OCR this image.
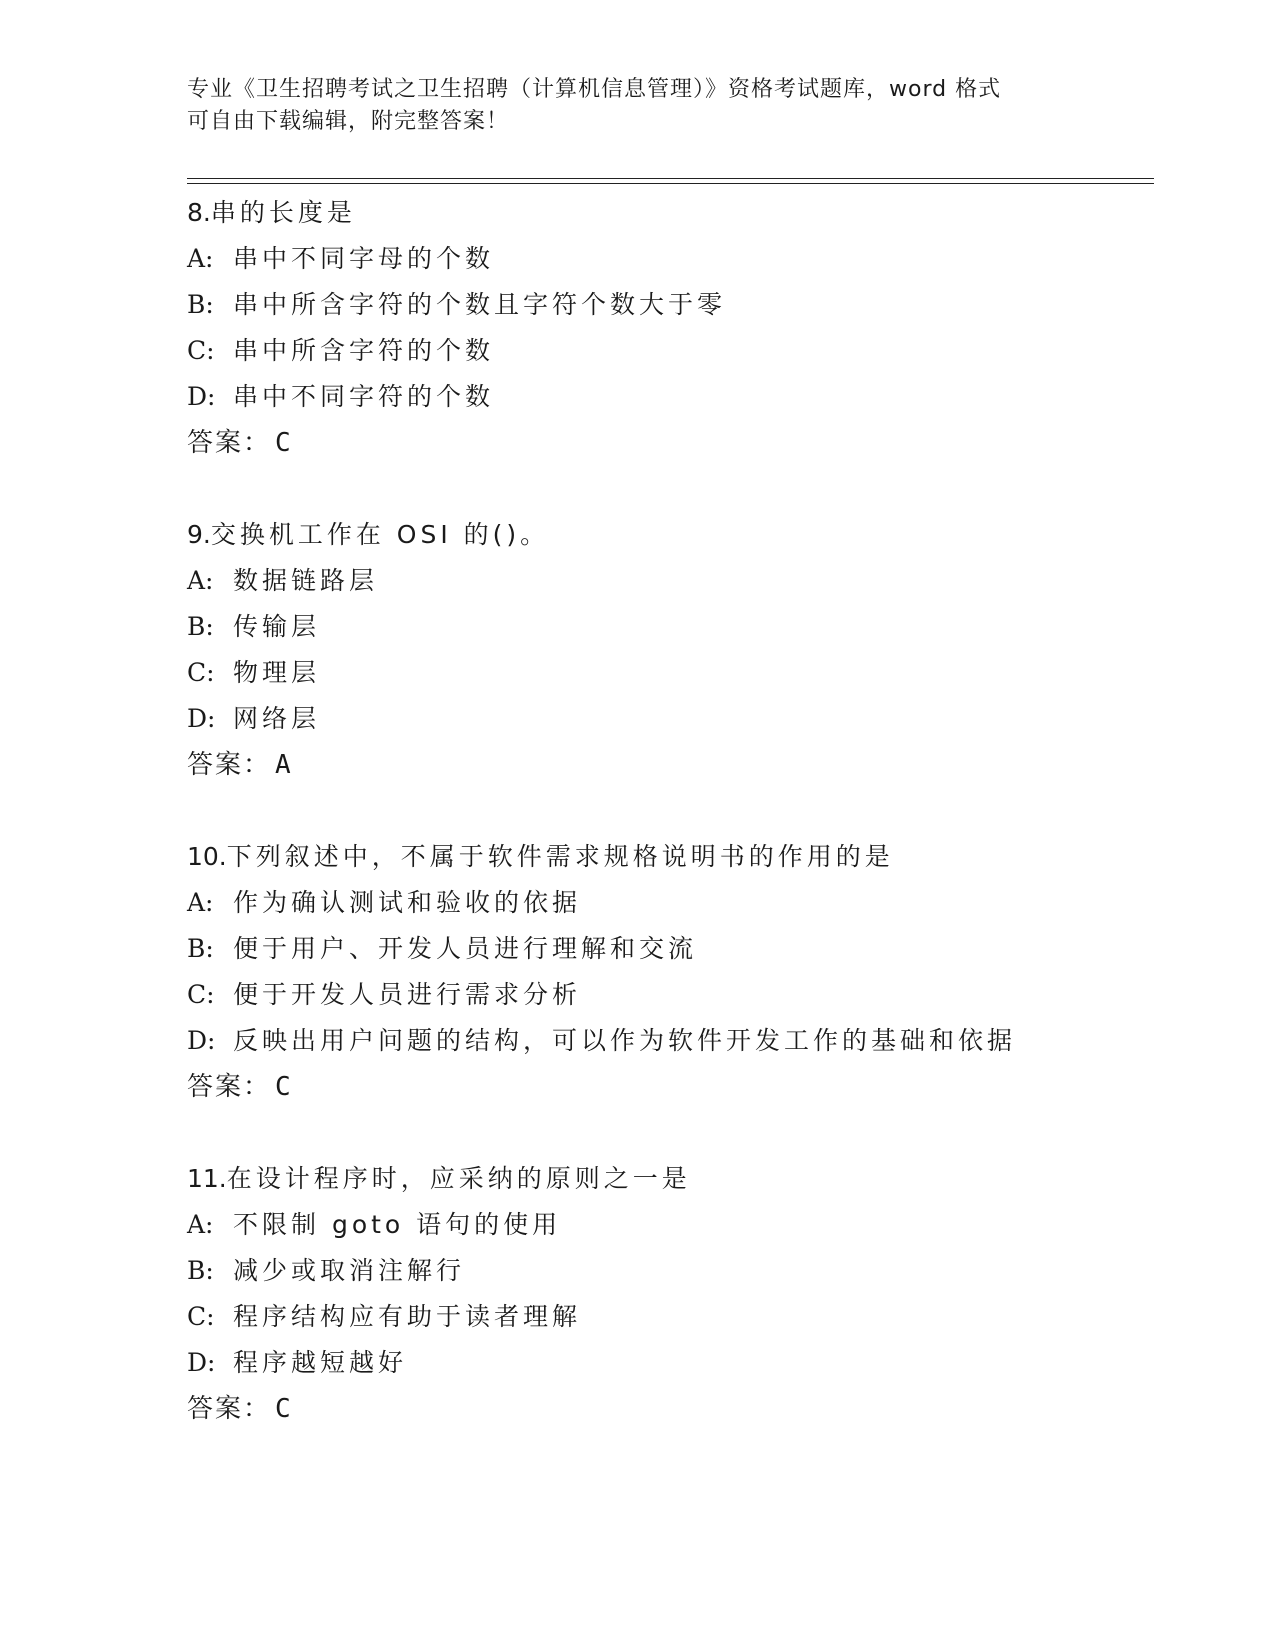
专业《卫生招聘考试之卫生招聘（计算机信息管理）》资格考试题库，word 格式
可自由下载编辑，附完整答案！
8.串的长度是
A: 串中不同字母的个数
B: 串中所含字符的个数且字符个数大于零
C: 串中所含字符的个数
D: 串中不同字符的个数
答案： C
9.交换机工作在 OSI 的()。
A: 数据链路层
B: 传输层
C: 物理层
D: 网络层
答案： A
10.下列叙述中，不属于软件需求规格说明书的作用的是
A: 作为确认测试和验收的依据
B: 便于用户、开发人员进行理解和交流
C: 便于开发人员进行需求分析
D: 反映出用户问题的结构，可以作为软件开发工作的基础和依据
答案： C
11.在设计程序时，应采纳的原则之一是
A: 不限制 goto 语句的使用
B: 减少或取消注解行
C: 程序结构应有助于读者理解
D: 程序越短越好
答案： C
